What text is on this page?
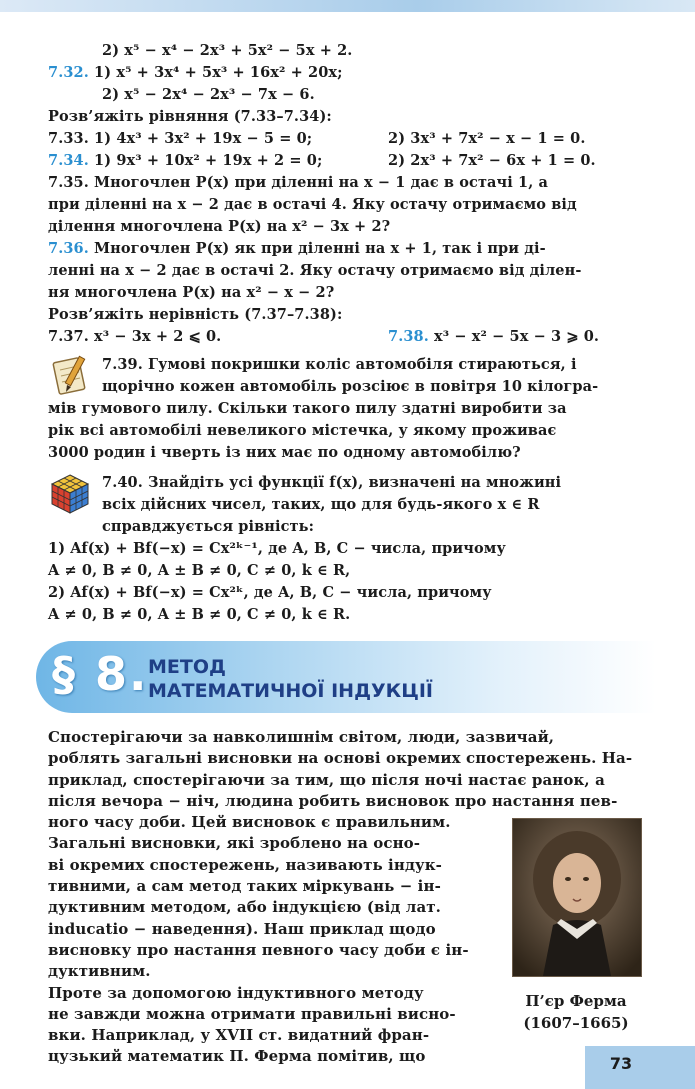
2) x⁵ − x⁴ − 2x³ + 5x² − 5x + 2.
7.32. 1) x⁵ + 3x⁴ + 5x³ + 16x² + 20x;
2) x⁵ − 2x⁴ − 2x³ − 7x − 6.
Розв’яжіть рівняння (7.33–7.34):
7.33. 1) 4x³ + 3x² + 19x − 5 = 0;	2) 3x³ + 7x² − x − 1 = 0.
7.34. 1) 9x³ + 10x² + 19x + 2 = 0;	2) 2x³ + 7x² − 6x + 1 = 0.
7.35. Многочлен P(x) при діленні на x − 1 дає в остачі 1, а
при діленні на x − 2 дає в остачі 4. Яку остачу отримаємо від
ділення многочлена P(x) на x² − 3x + 2?
7.36. Многочлен P(x) як при діленні на x + 1, так і при ді-
ленні на x − 2 дає в остачі 2. Яку остачу отримаємо від ділен-
ня многочлена P(x) на x² − x − 2?
Розв’яжіть нерівність (7.37–7.38):
7.37. x³ − 3x + 2 ⩽ 0.	7.38. x³ − x² − 5x − 3 ⩾ 0.
7.39. Гумові покришки коліс автомобіля стираються, і
щорічно кожен автомобіль розсіює в повітря 10 кілогра-
мів гумового пилу. Скільки такого пилу здатні виробити за
рік всі автомобілі невеликого містечка, у якому проживає
3000 родин і чверть із них має по одному автомобілю?
7.40. Знайдіть усі функції f(x), визначені на множині
всіх дійсних чисел, таких, що для будь-якого x ∈ R
справджується рівність:
1) Af(x) + Bf(−x) = Cx²ᵏ⁻¹, де A, B, C − числа, причому
A ≠ 0, B ≠ 0, A ± B ≠ 0, C ≠ 0, k ∈ R,
2) Af(x) + Bf(−x) = Cx²ᵏ, де A, B, C − числа, причому
A ≠ 0, B ≠ 0, A ± B ≠ 0, C ≠ 0, k ∈ R.
§ 8. МЕТОД
МАТЕМАТИЧНОЇ ІНДУКЦІЇ
Спостерігаючи за навколишнім світом, люди, зазвичай,
роблять загальні висновки на основі окремих спостережень. На-
приклад, спостерігаючи за тим, що після ночі настає ранок, а
після вечора − ніч, людина робить висновок про настання пев-
ного часу доби. Цей висновок є правильним.
Загальні висновки, які зроблено на осно-
ві окремих спостережень, називають індук-
тивними, а сам метод таких міркувань − ін-
дуктивним методом, або індукцією (від лат.
inducatio − наведення). Наш приклад щодо
висновку про настання певного часу доби є ін-
дуктивним.
Проте за допомогою індуктивного методу
не завжди можна отримати правильні виснo-
вки. Наприклад, у XVII ст. видатний фран-
цузький математик П. Ферма помітив, що
П’єр Ферма
(1607–1665)
73
